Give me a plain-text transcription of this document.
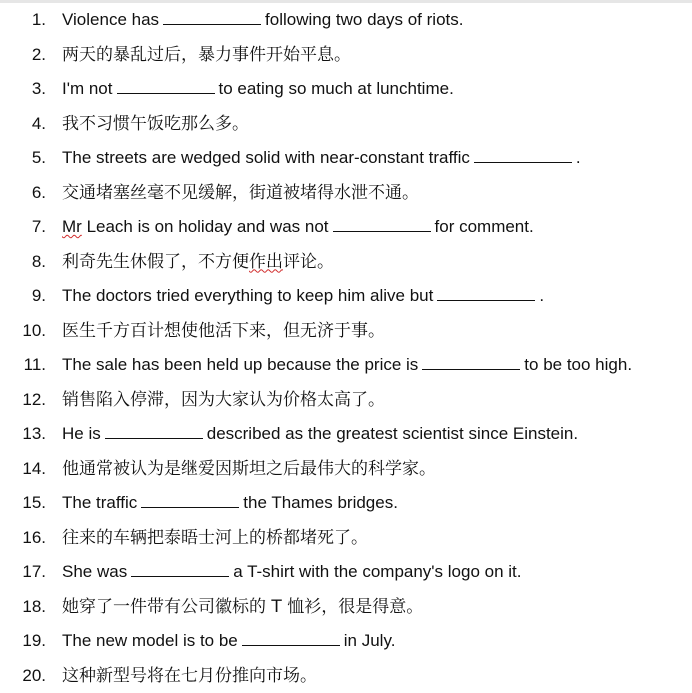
1. Violence has	following two days of riots.
2. 两天的暴乱过后，暴力事件开始平息。
3. I'm not	to eating so much at lunchtime.
4. 我不习惯午饭吃那么多。
5. The streets are wedged solid with near-constant traffic	.
6. 交通堵塞丝毫不见缓解，街道被堵得水泄不通。
7. Mr Leach is on holiday and was not	for comment.
8. 利奇先生休假了，不方便作出评论。
9. The doctors tried everything to keep him alive but	.
10. 医生千方百计想使他活下来，但无济于事。
11. The sale has been held up because the price is	to be too high.
12. 销售陷入停滞，因为大家认为价格太高了。
13. He is	described as the greatest scientist since Einstein.
14. 他通常被认为是继爱因斯坦之后最伟大的科学家。
15. The traffic	the Thames bridges.
16. 往来的车辆把泰晤士河上的桥都堵死了。
17. She was	a T-shirt with the company's logo on it.
18. 她穿了一件带有公司徽标的 T 恤衫，很是得意。
19. The new model is to be	in July.
20. 这种新型号将在七月份推向市场。
